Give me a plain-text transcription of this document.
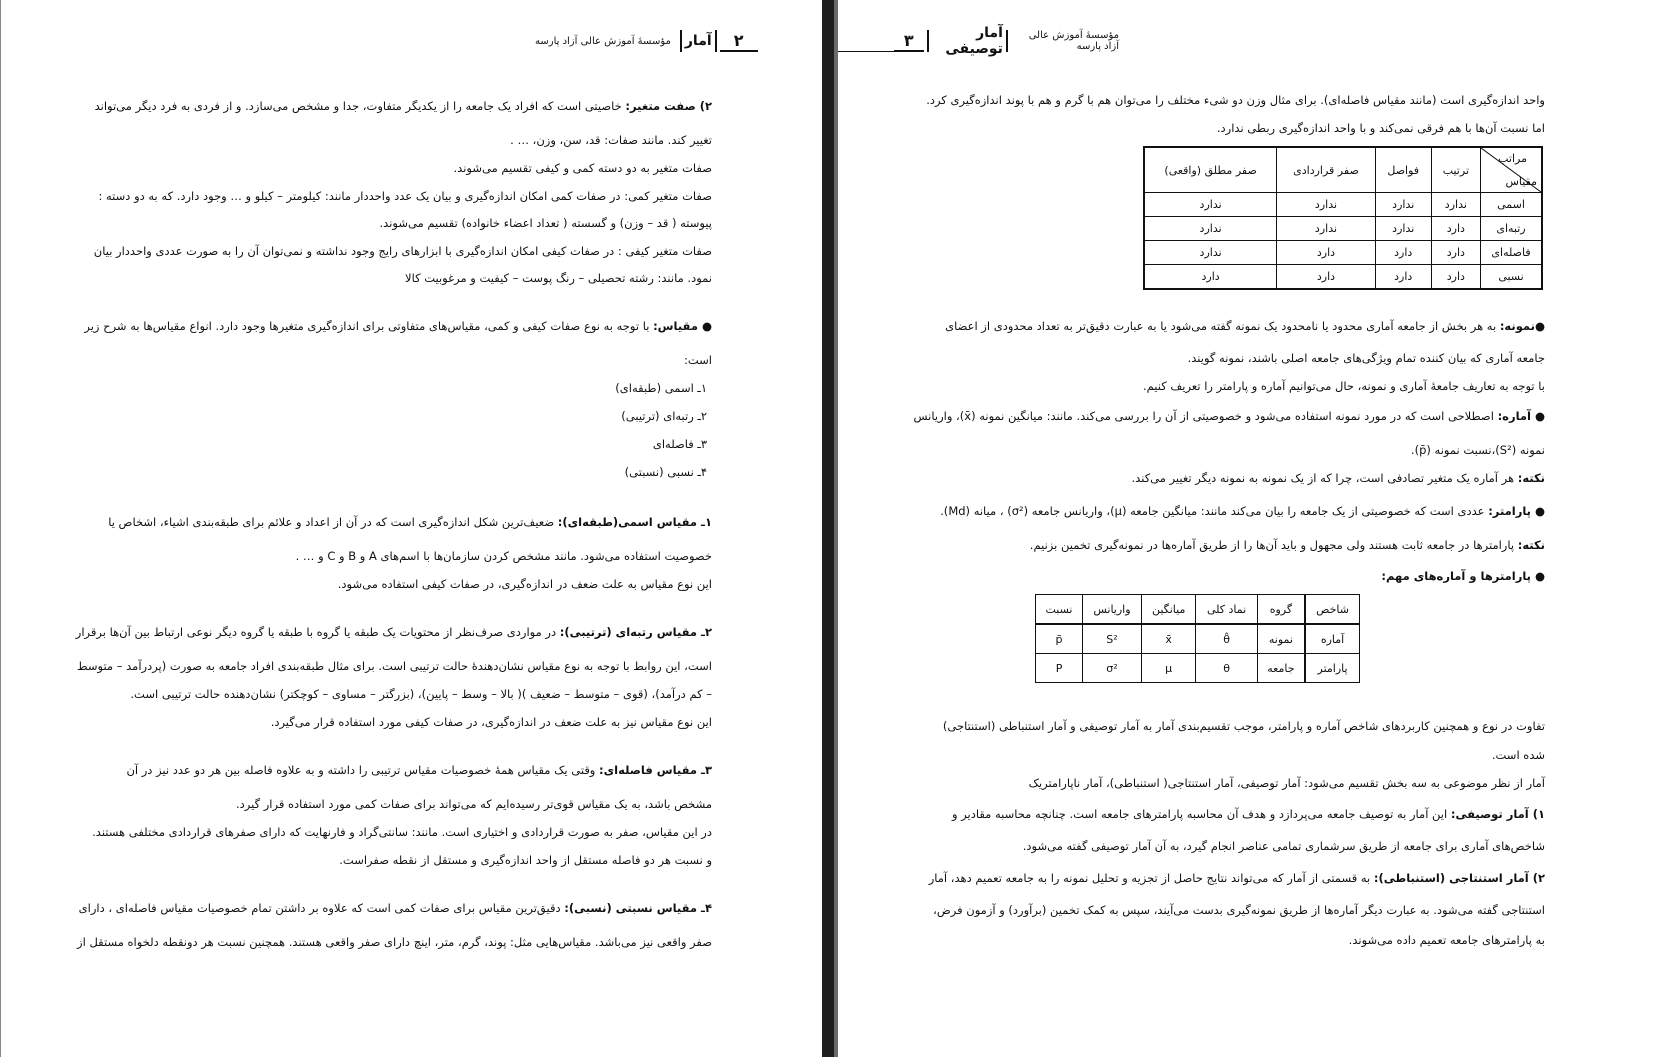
۲
آمار
مؤسسهٔ آموزش عالی آزاد پارسه
۲) صفت متغیر: خاصیتی است که افراد یک جامعه را از یکدیگر متفاوت، جدا و مشخص می‌سازد. و از فردی به فرد دیگر می‌تواند
تغییر کند. مانند صفات: قد، سن، وزن، … .
صفات متغیر به دو دسته کمی و کیفی تقسیم می‌شوند.
صفات متغیر کمی: در صفات کمی امکان اندازه‌گیری و بیان یک عدد واحددار مانند: کیلومتر – کیلو و … وجود دارد. که به دو دسته :
پیوسته ( قد – وزن) و گسسته ( تعداد اعضاء خانواده) تقسیم می‌شوند.
صفات متغیر کیفی : در صفات کیفی امکان اندازه‌گیری با ابزارهای رایج وجود نداشته و نمی‌توان آن را به صورت عددی واحددار بیان
نمود. مانند: رشته تحصیلی – رنگ پوست – کیفیت و مرغوبیت کالا
● مقیاس: با توجه به نوع صفات کیفی و کمی، مقیاس‌های متفاوتی برای اندازه‌گیری متغیرها وجود دارد. انواع مقیاس‌ها به شرح زیر
است:
۱ـ اسمی (طبقه‌ای)
۲ـ رتبه‌ای (ترتیبی)
۳ـ فاصله‌ای
۴ـ نسبی (نسبتی)
۱ـ مقیاس اسمی(طبقه‌ای): ضعیف‌ترین شکل اندازه‌گیری است که در آن از اعداد و علائم برای طبقه‌بندی اشیاء، اشخاص یا
خصوصیت استفاده می‌شود. مانند مشخص کردن سازمان‌ها با اسم‌های A و B و C و … .
این نوع مقیاس به علت ضعف در اندازه‌گیری، در صفات کیفی استفاده می‌شود.
۲ـ مقیاس رتبه‌ای (ترتیبی): در مواردی صرف‌نظر از محتویات یک طبقه یا گروه با طبقه یا گروه دیگر نوعی ارتباط بین آن‌ها برقرار
است، این روابط با توجه به نوع مقیاس نشان‌دهندهٔ حالت ترتیبی است. برای مثال طبقه‌بندی افراد جامعه به صورت (پردرآمد – متوسط
– کم درآمد)، (قوی – متوسط – ضعیف )( بالا – وسط – پایین)، (بزرگتر – مساوی – کوچکتر) نشان‌دهنده حالت ترتیبی است.
این نوع مقیاس نیز به علت ضعف در اندازه‌گیری، در صفات کیفی مورد استفاده قرار می‌گیرد.
۳ـ مقیاس فاصله‌ای: وقتی یک مقیاس همهٔ خصوصیات مقیاس ترتیبی را داشته و به علاوه فاصله بین هر دو عدد نیز در آن
مشخص باشد، به یک مقیاس قوی‌تر رسیده‌ایم که می‌تواند برای صفات کمی مورد استفاده قرار گیرد.
در این مقیاس، صفر به صورت قراردادی و اختیاری است. مانند: سانتی‌گراد و فارنهایت که دارای صفرهای قراردادی مختلفی هستند.
و نسبت هر دو فاصله مستقل از واحد اندازه‌گیری و مستقل از نقطه صفراست.
۴ـ مقیاس نسبتی (نسبی): دقیق‌ترین مقیاس برای صفات کمی است که علاوه بر داشتن تمام خصوصیات مقیاس فاصله‌ای ، دارای
صفر واقعی نیز می‌باشد. مقیاس‌هایی مثل: پوند، گرم، متر، اینچ دارای صفر واقعی هستند. همچنین نسبت هر دونقطه دلخواه مستقل از
مؤسسهٔ آموزش عالی آزاد پارسه
آمار توصیفی
۳
واحد اندازه‌گیری است (مانند مقیاس فاصله‌ای). برای مثال وزن دو شیء مختلف را می‌توان هم با گرم و هم با پوند اندازه‌گیری کرد.
اما نسبت آن‌ها با هم فرقی نمی‌کند و با واحد اندازه‌گیری ربطی ندارد.
مراتب
مقیاس	ترتیب	فواصل	صفر قراردادی	صفر مطلق (واقعی)
اسمی	ندارد	ندارد	ندارد	ندارد
رتبه‌ای	دارد	ندارد	ندارد	ندارد
فاصله‌ای	دارد	دارد	دارد	ندارد
نسبی	دارد	دارد	دارد	دارد
●نمونه: به هر بخش از جامعه آماری محدود یا نامحدود یک نمونه گفته می‌شود یا به عبارت دقیق‌تر به تعداد محدودی از اعضای
جامعه آماری که بیان کننده تمام ویژگی‌های جامعه اصلی باشند، نمونه گویند.
با توجه به تعاریف جامعهٔ آماری و نمونه، حال می‌توانیم آماره و پارامتر را تعریف کنیم.
● آماره: اصطلاحی است که در مورد نمونه استفاده می‌شود و خصوصیتی از آن را بررسی می‌کند. مانند: میانگین نمونه (x̄)، واریانس
نمونه (S²)،نسبت نمونه (p̄).
نکته: هر آماره یک متغیر تصادفی است، چرا که از یک نمونه به نمونه دیگر تغییر می‌کند.
● پارامتر: عددی است که خصوصیتی از یک جامعه را بیان می‌کند مانند: میانگین جامعه (μ)، واریانس جامعه (σ²) ، میانه (Md).
نکته: پارامترها در جامعه ثابت هستند ولی مجهول و باید آن‌ها را از طریق آماره‌ها در نمونه‌گیری تخمین بزنیم.
● پارامترها و آماره‌های مهم:
شاخص	گروه	نماد کلی	میانگین	واریانس	نسبت
آماره	نمونه	θ̂	x̄	S²	p̄
پارامتر	جامعه	θ	μ	σ²	P
تفاوت در نوع و همچنین کاربردهای شاخص آماره و پارامتر، موجب تقسیم‌بندی آمار به آمار توصیفی و آمار استنباطی (استنتاجی)
شده است.
آمار از نظر موضوعی به سه بخش تقسیم می‌شود: آمار توصیفی، آمار استنتاجی( استنباطی)، آمار ناپارامتریک
۱) آمار توصیفی: این آمار به توصیف جامعه می‌پردازد و هدف آن محاسبه پارامترهای جامعه است. چنانچه محاسبه مقادیر و
شاخص‌های آماری برای جامعه از طریق سرشماری تمامی عناصر انجام گیرد، به آن آمار توصیفی گفته می‌شود.
۲) آمار استنتاجی (استنباطی): به قسمتی از آمار که می‌تواند نتایج حاصل از تجزیه و تحلیل نمونه را به جامعه تعمیم دهد، آمار
استنتاجی گفته می‌شود. به عبارت دیگر آماره‌ها از طریق نمونه‌گیری بدست می‌آیند، سپس به کمک تخمین (برآورد) و آزمون فرض،
به پارامترهای جامعه تعمیم داده می‌شوند.
